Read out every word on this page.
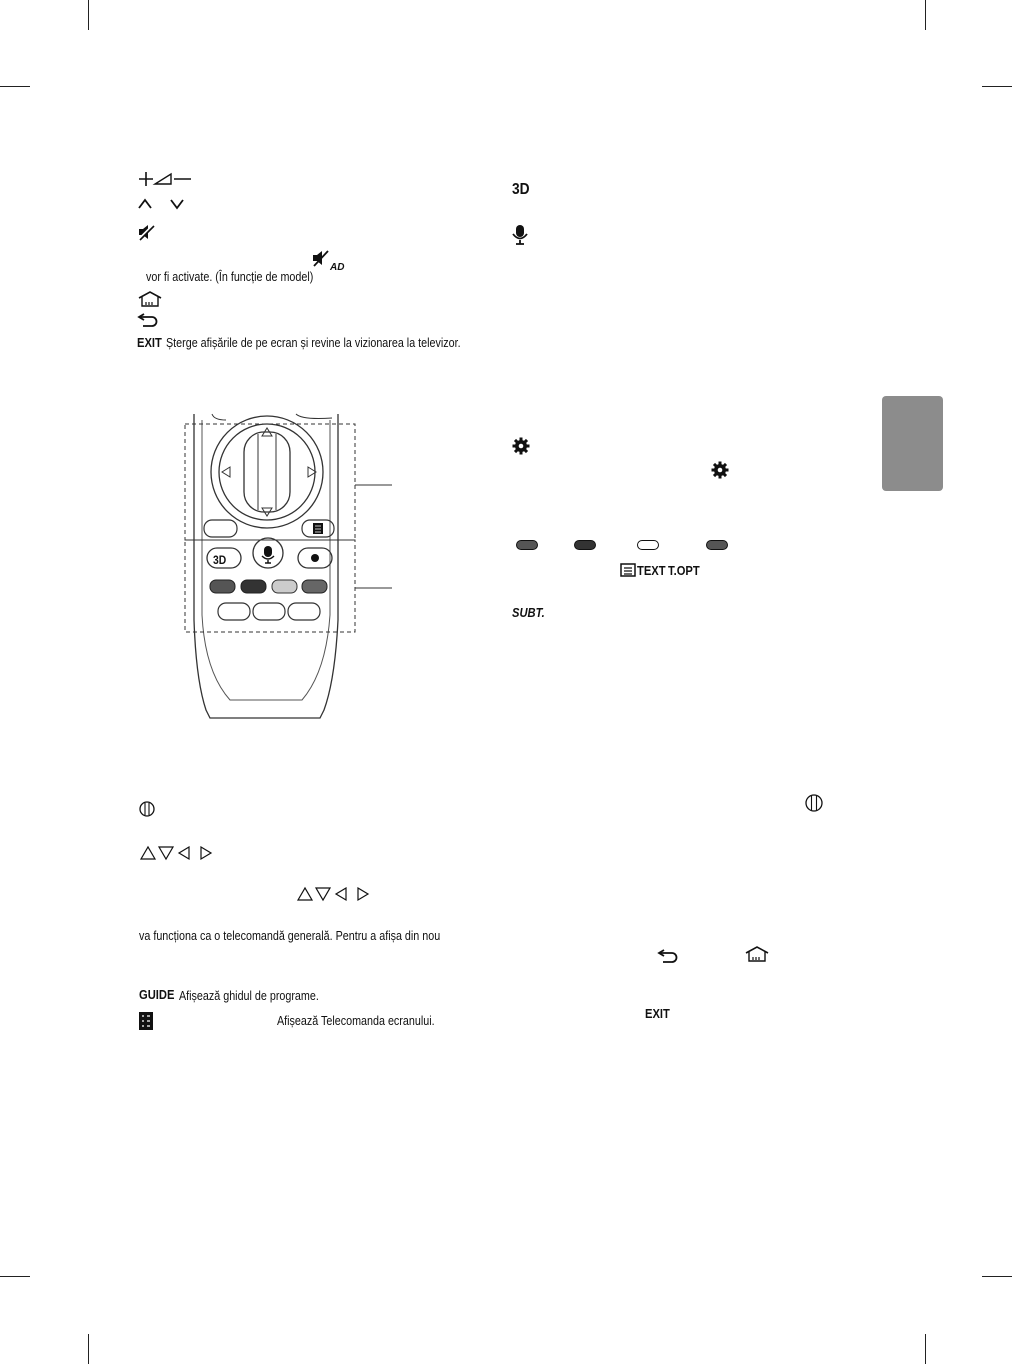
AD
vor fi activate. (În funcție de model)
EXIT Șterge afișările de pe ecran și revine la vizionarea la televizor.
3D
va funcționa ca o telecomandă generală. Pentru a afișa din nou
GUIDE Afișează ghidul de programe.
Afișează Telecomanda ecranului.
3D
TEXT T.OPT
SUBT.
EXIT
